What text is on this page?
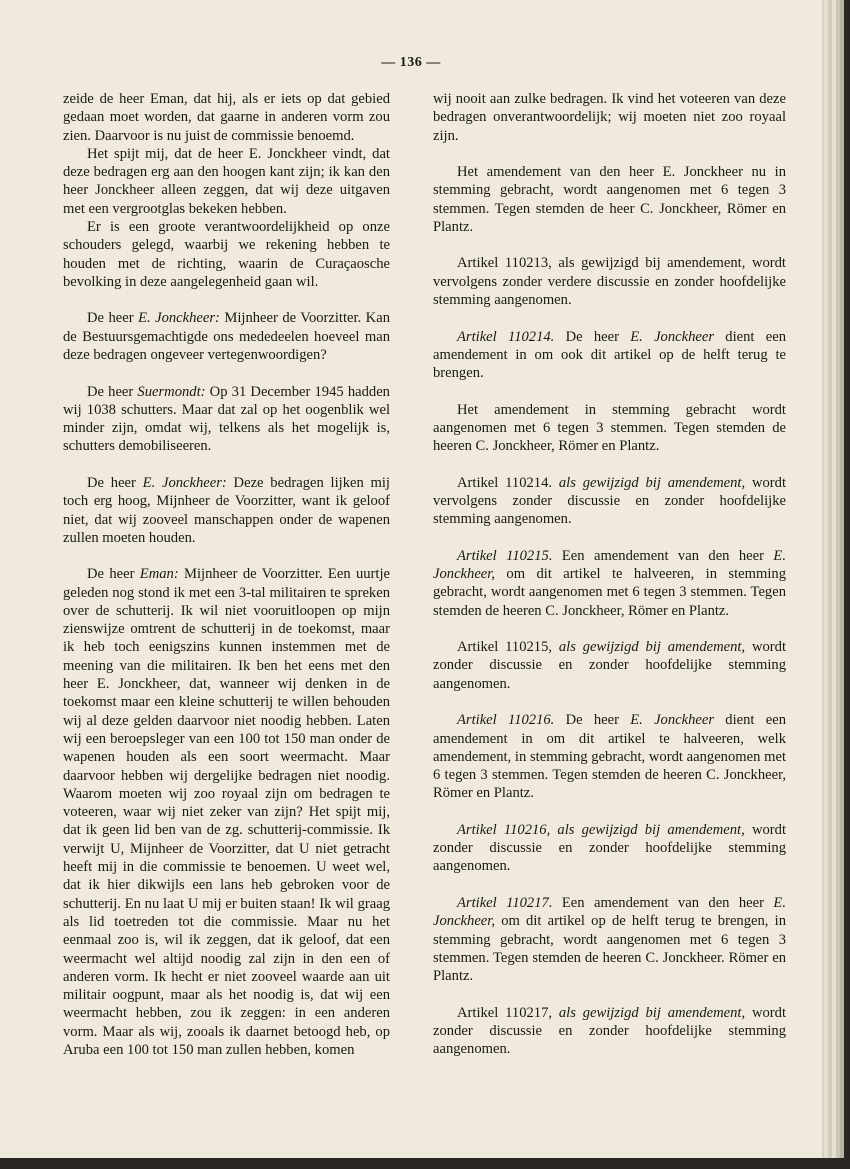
— 136 —

zeide de heer Eman, dat hij, als er iets op dat gebied gedaan moet worden, dat gaarne in anderen vorm zou zien. Daarvoor is nu juist de commissie benoemd.

Het spijt mij, dat de heer E. Jonckheer vindt, dat deze bedragen erg aan den hoogen kant zijn; ik kan den heer Jonckheer alleen zeggen, dat wij deze uitgaven met een vergrootglas bekeken hebben.

Er is een groote verantwoordelijkheid op onze schouders gelegd, waarbij we rekening hebben te houden met de richting, waarin de Curaçaosche bevolking in deze aangelegenheid gaan wil.

De heer E. Jonckheer: Mijnheer de Voorzitter. Kan de Bestuursgemachtigde ons mededeelen hoeveel man deze bedragen ongeveer vertegenwoordigen?

De heer Suermondt: Op 31 December 1945 hadden wij 1038 schutters. Maar dat zal op het oogenblik wel minder zijn, omdat wij, telkens als het mogelijk is, schutters demobiliseeren.

De heer E. Jonckheer: Deze bedragen lijken mij toch erg hoog, Mijnheer de Voorzitter, want ik geloof niet, dat wij zooveel manschappen onder de wapenen zullen moeten houden.

De heer Eman: Mijnheer de Voorzitter. Een uurtje geleden nog stond ik met een 3-tal militairen te spreken over de schutterij. Ik wil niet vooruitloopen op mijn zienswijze omtrent de schutterij in de toekomst, maar ik heb toch eenigszins kunnen instemmen met de meening van die militairen. Ik ben het eens met den heer E. Jonckheer, dat, wanneer wij denken in de toekomst maar een kleine schutterij te willen behouden wij al deze gelden daarvoor niet noodig hebben. Laten wij een beroepsleger van een 100 tot 150 man onder de wapenen houden als een soort weermacht. Maar daarvoor hebben wij dergelijke bedragen niet noodig. Waarom moeten wij zoo royaal zijn om bedragen te voteeren, waar wij niet zeker van zijn? Het spijt mij, dat ik geen lid ben van de zg. schutterij-commissie. Ik verwijt U, Mijnheer de Voorzitter, dat U niet getracht heeft mij in die commissie te benoemen. U weet wel, dat ik hier dikwijls een lans heb gebroken voor de schutterij. En nu laat U mij er buiten staan! Ik wil graag als lid toetreden tot die commissie. Maar nu het eenmaal zoo is, wil ik zeggen, dat ik geloof, dat een weermacht wel altijd noodig zal zijn in den een of anderen vorm. Ik hecht er niet zooveel waarde aan uit militair oogpunt, maar als het noodig is, dat wij een weermacht hebben, zou ik zeggen: in een anderen vorm. Maar als wij, zooals ik daarnet betoogd heb, op Aruba een 100 tot 150 man zullen hebben, komen

wij nooit aan zulke bedragen. Ik vind het voteeren van deze bedragen onverantwoordelijk; wij moeten niet zoo royaal zijn.

Het amendement van den heer E. Jonckheer nu in stemming gebracht, wordt aangenomen met 6 tegen 3 stemmen. Tegen stemden de heer C. Jonckheer, Römer en Plantz.

Artikel 110213, als gewijzigd bij amendement, wordt vervolgens zonder verdere discussie en zonder hoofdelijke stemming aangenomen.

Artikel 110214. De heer E. Jonckheer dient een amendement in om ook dit artikel op de helft terug te brengen.

Het amendement in stemming gebracht wordt aangenomen met 6 tegen 3 stemmen. Tegen stemden de heeren C. Jonckheer, Römer en Plantz.

Artikel 110214. als gewijzigd bij amendement, wordt vervolgens zonder discussie en zonder hoofdelijke stemming aangenomen.

Artikel 110215. Een amendement van den heer E. Jonckheer, om dit artikel te halveeren, in stemming gebracht, wordt aangenomen met 6 tegen 3 stemmen. Tegen stemden de heeren C. Jonckheer, Römer en Plantz.

Artikel 110215, als gewijzigd bij amendement, wordt zonder discussie en zonder hoofdelijke stemming aangenomen.

Artikel 110216. De heer E. Jonckheer dient een amendement in om dit artikel te halveeren, welk amendement, in stemming gebracht, wordt aangenomen met 6 tegen 3 stemmen. Tegen stemden de heeren C. Jonckheer, Römer en Plantz.

Artikel 110216, als gewijzigd bij amendement, wordt zonder discussie en zonder hoofdelijke stemming aangenomen.

Artikel 110217. Een amendement van den heer E. Jonckheer, om dit artikel op de helft terug te brengen, in stemming gebracht, wordt aangenomen met 6 tegen 3 stemmen. Tegen stemden de heeren C. Jonckheer. Römer en Plantz.

Artikel 110217, als gewijzigd bij amendement, wordt zonder discussie en zonder hoofdelijke stemming aangenomen.
